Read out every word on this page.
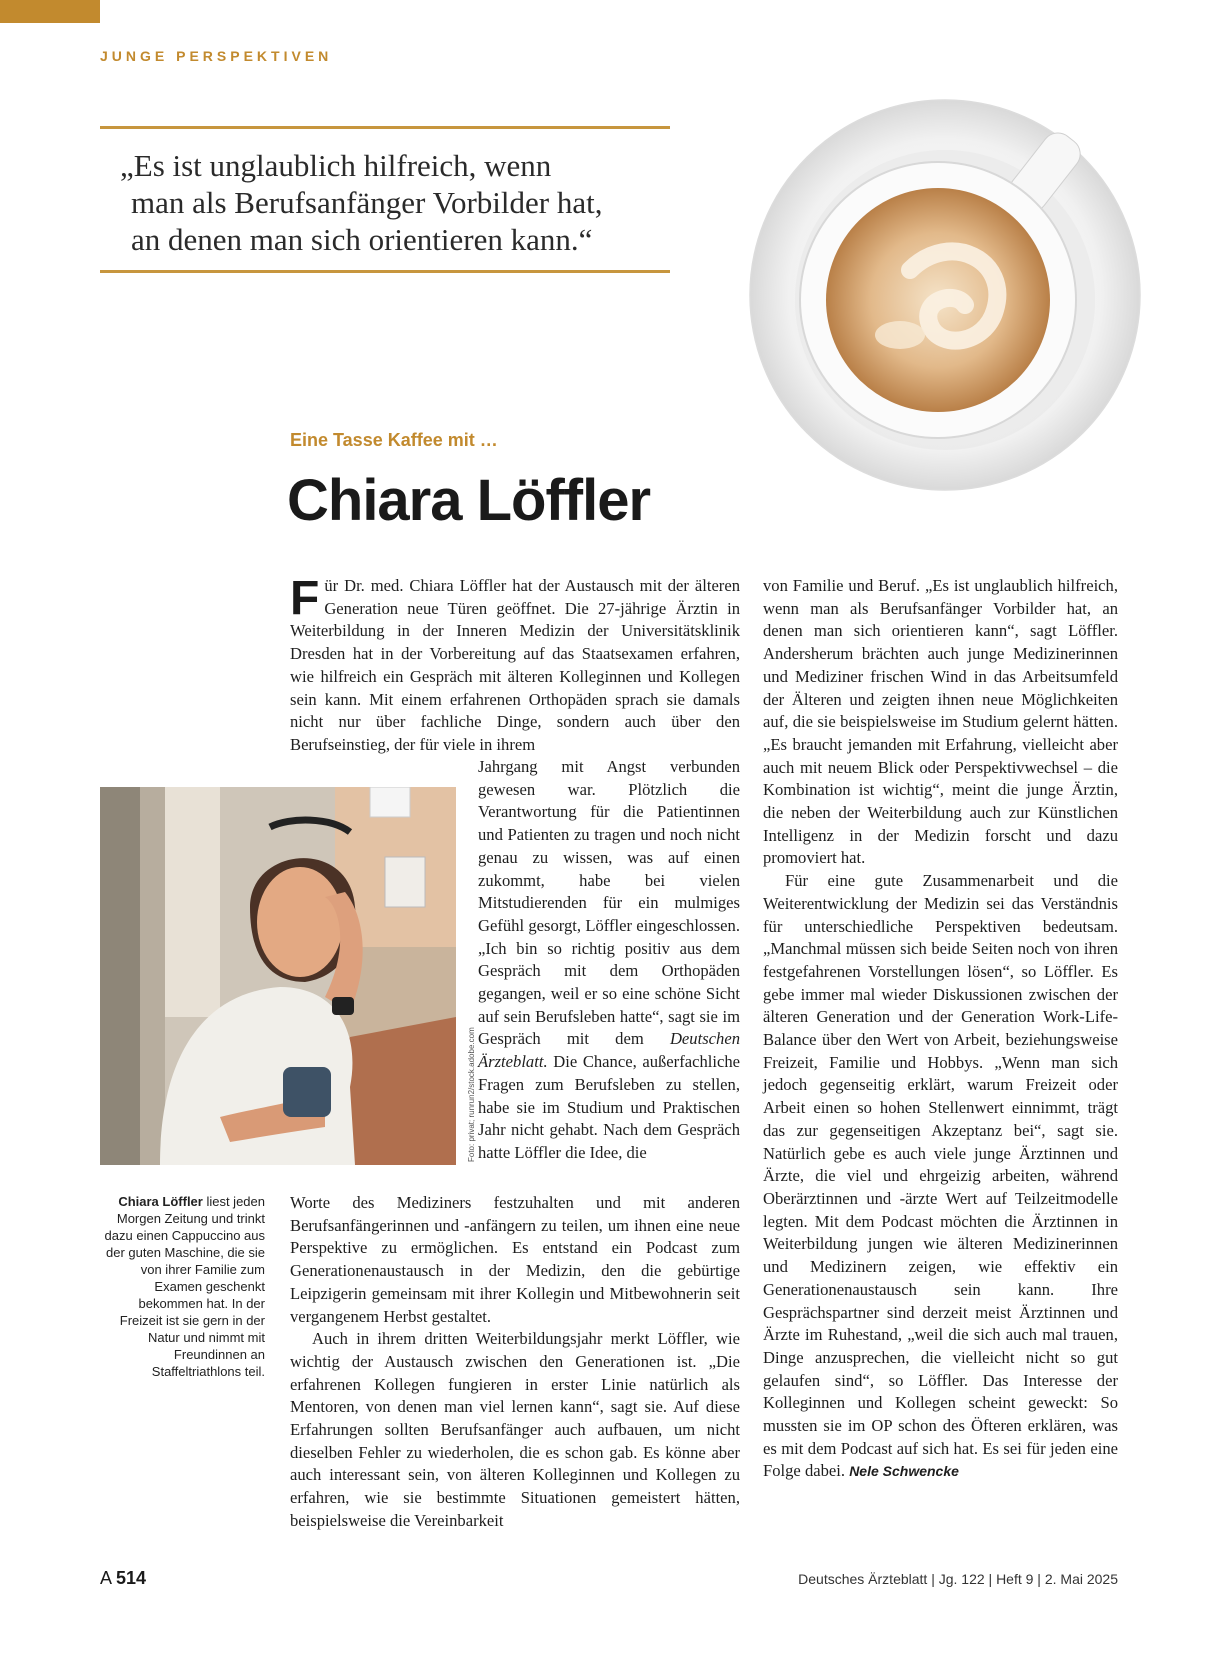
JUNGE PERSPEKTIVEN
„Es ist unglaublich hilfreich, wenn
man als Berufsanfänger Vorbilder hat,
an denen man sich orientieren kann.“
Eine Tasse Kaffee mit …
Chiara Löffler
Foto: privat; runrun2/stock.adobe.com
Chiara Löffler liest jeden Morgen Zeitung und trinkt dazu einen Cappuccino aus der guten Maschine, die sie von ihrer Familie zum Examen geschenkt bekommen hat. In der Freizeit ist sie gern in der Natur und nimmt mit Freundinnen an Staffeltriathlons teil.

Für Dr. med. Chiara Löffler hat der Austausch mit der älteren Generation neue Türen geöffnet. Die 27-jährige Ärztin in Weiterbildung in der Inneren Medizin der Universitätsklinik Dresden hat in der Vorbereitung auf das Staatsexamen erfahren, wie hilfreich ein Gespräch mit älteren Kolleginnen und Kollegen sein kann. Mit einem erfahrenen Orthopäden sprach sie damals nicht nur über fachliche Dinge, sondern auch über den Berufseinstieg, der für viele in ihrem

Jahrgang mit Angst verbunden gewesen war. Plötzlich die Verantwortung für die Patientinnen und Patienten zu tragen und noch nicht genau zu wissen, was auf einen zukommt, habe bei vielen Mitstudierenden für ein mulmiges Gefühl gesorgt, Löffler eingeschlossen. „Ich bin so richtig positiv aus dem Gespräch mit dem Orthopäden gegangen, weil er so eine schöne Sicht auf sein Berufsleben hatte“, sagt sie im Gespräch mit dem Deutschen Ärzteblatt. Die Chance, außerfachliche Fragen zum Berufsleben zu stellen, habe sie im Studium und Praktischen Jahr nicht gehabt. Nach dem Gespräch hatte Löffler die Idee, die

Worte des Mediziners festzuhalten und mit anderen Berufsanfängerinnen und -anfängern zu teilen, um ihnen eine neue Perspektive zu ermöglichen. Es entstand ein Podcast zum Generationenaustausch in der Medizin, den die gebürtige Leipzigerin gemeinsam mit ihrer Kollegin und Mitbewohnerin seit vergangenem Herbst gestaltet.

Auch in ihrem dritten Weiterbildungsjahr merkt Löffler, wie wichtig der Austausch zwischen den Generationen ist. „Die erfahrenen Kollegen fungieren in erster Linie natürlich als Mentoren, von denen man viel lernen kann“, sagt sie. Auf diese Erfahrungen sollten Berufsanfänger auch aufbauen, um nicht dieselben Fehler zu wiederholen, die es schon gab. Es könne aber auch interessant sein, von älteren Kolleginnen und Kollegen zu erfahren, wie sie bestimmte Situationen gemeistert hätten, beispielsweise die Vereinbarkeit

von Familie und Beruf. „Es ist unglaublich hilfreich, wenn man als Berufsanfänger Vorbilder hat, an denen man sich orientieren kann“, sagt Löffler. Andersherum brächten auch junge Medizinerinnen und Mediziner frischen Wind in das Arbeitsumfeld der Älteren und zeigten ihnen neue Möglichkeiten auf, die sie beispielsweise im Studium gelernt hätten. „Es braucht jemanden mit Erfahrung, vielleicht aber auch mit neuem Blick oder Perspektivwechsel – die Kombination ist wichtig“, meint die junge Ärztin, die neben der Weiterbildung auch zur Künstlichen Intelligenz in der Medizin forscht und dazu promoviert hat.

Für eine gute Zusammenarbeit und die Weiterentwicklung der Medizin sei das Verständnis für unterschiedliche Perspektiven bedeutsam. „Manchmal müssen sich beide Seiten noch von ihren festgefahrenen Vorstellungen lösen“, so Löffler. Es gebe immer mal wieder Diskussionen zwischen der älteren Generation und der Generation Work-Life-Balance über den Wert von Arbeit, beziehungsweise Freizeit, Familie und Hobbys. „Wenn man sich jedoch gegenseitig erklärt, warum Freizeit oder Arbeit einen so hohen Stellenwert einnimmt, trägt das zur gegenseitigen Akzeptanz bei“, sagt sie. Natürlich gebe es auch viele junge Ärztinnen und Ärzte, die viel und ehrgeizig arbeiten, während Oberärztinnen und -ärzte Wert auf Teilzeitmodelle legten. Mit dem Podcast möchten die Ärztinnen in Weiterbildung jungen wie älteren Medizinerinnen und Medizinern zeigen, wie effektiv ein Generationenaustausch sein kann. Ihre Gesprächspartner sind derzeit meist Ärztinnen und Ärzte im Ruhestand, „weil die sich auch mal trauen, Dinge anzusprechen, die vielleicht nicht so gut gelaufen sind“, so Löffler. Das Interesse der Kolleginnen und Kollegen scheint geweckt: So mussten sie im OP schon des Öfteren erklären, was es mit dem Podcast auf sich hat. Es sei für jeden eine Folge dabei. Nele Schwencke

A 514	Deutsches Ärzteblatt | Jg. 122 | Heft 9 | 2. Mai 2025
